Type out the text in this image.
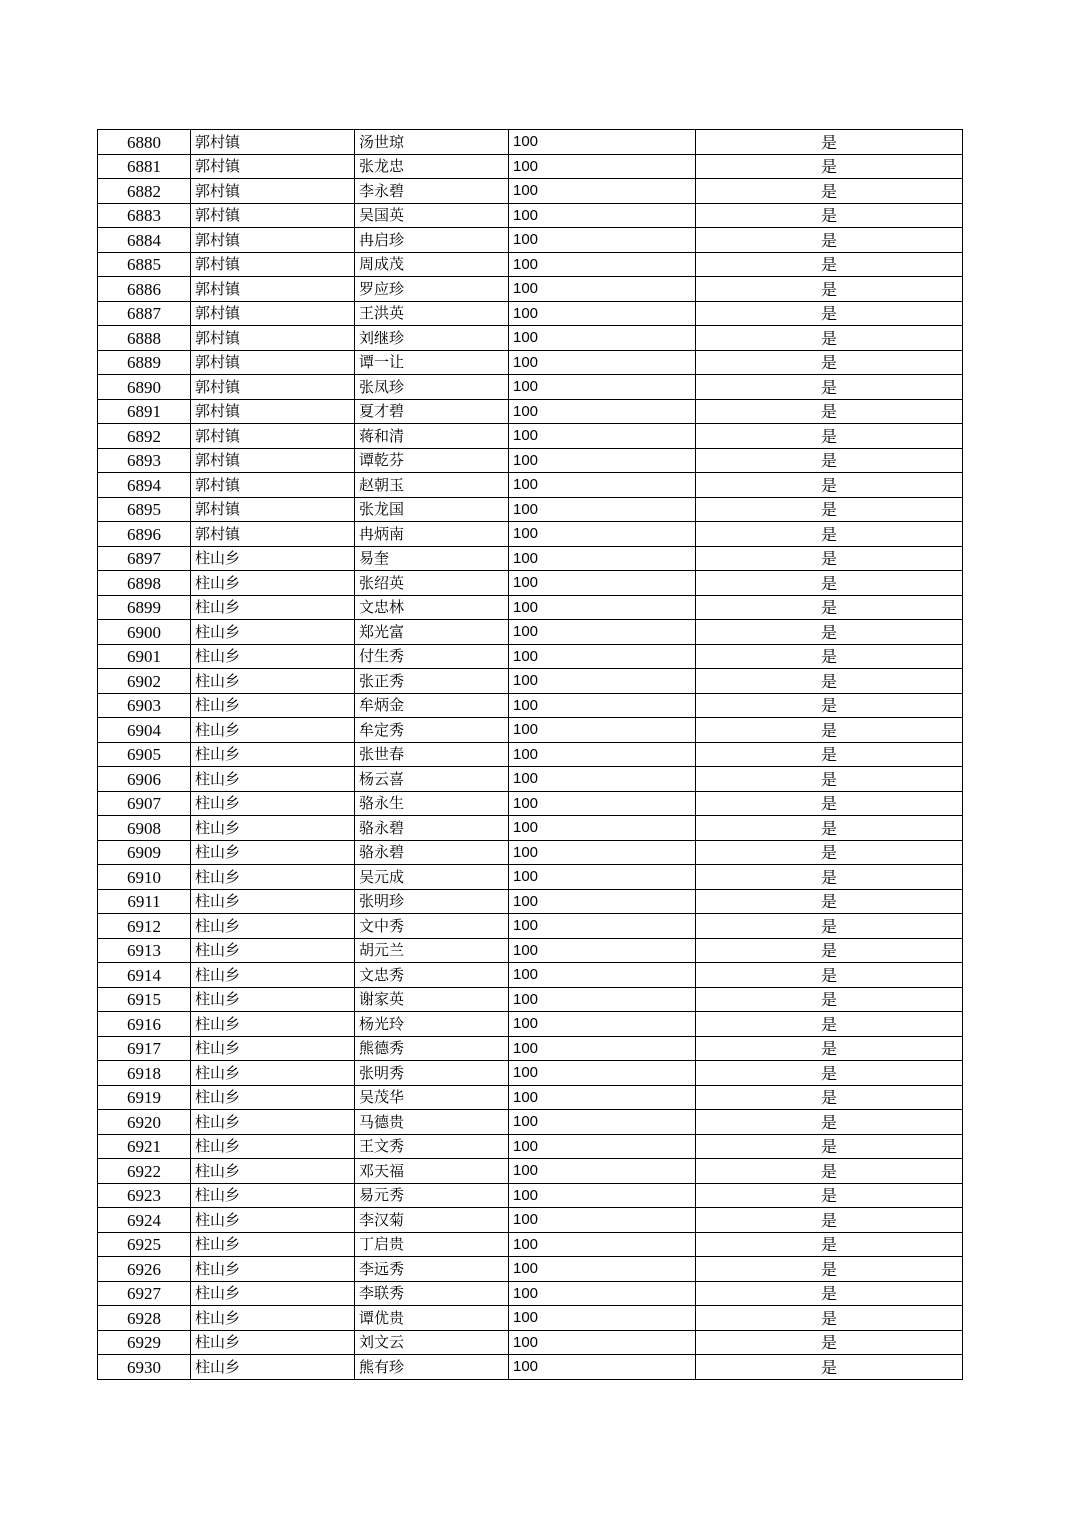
6880	郭村镇	汤世琼	100	是
6881	郭村镇	张龙忠	100	是
6882	郭村镇	李永碧	100	是
6883	郭村镇	吴国英	100	是
6884	郭村镇	冉启珍	100	是
6885	郭村镇	周成茂	100	是
6886	郭村镇	罗应珍	100	是
6887	郭村镇	王洪英	100	是
6888	郭村镇	刘继珍	100	是
6889	郭村镇	谭一让	100	是
6890	郭村镇	张凤珍	100	是
6891	郭村镇	夏才碧	100	是
6892	郭村镇	蒋和清	100	是
6893	郭村镇	谭乾芬	100	是
6894	郭村镇	赵朝玉	100	是
6895	郭村镇	张龙国	100	是
6896	郭村镇	冉炳南	100	是
6897	柱山乡	易奎	100	是
6898	柱山乡	张绍英	100	是
6899	柱山乡	文忠林	100	是
6900	柱山乡	郑光富	100	是
6901	柱山乡	付生秀	100	是
6902	柱山乡	张正秀	100	是
6903	柱山乡	牟炳金	100	是
6904	柱山乡	牟定秀	100	是
6905	柱山乡	张世春	100	是
6906	柱山乡	杨云喜	100	是
6907	柱山乡	骆永生	100	是
6908	柱山乡	骆永碧	100	是
6909	柱山乡	骆永碧	100	是
6910	柱山乡	吴元成	100	是
6911	柱山乡	张明珍	100	是
6912	柱山乡	文中秀	100	是
6913	柱山乡	胡元兰	100	是
6914	柱山乡	文忠秀	100	是
6915	柱山乡	谢家英	100	是
6916	柱山乡	杨光玲	100	是
6917	柱山乡	熊德秀	100	是
6918	柱山乡	张明秀	100	是
6919	柱山乡	吴茂华	100	是
6920	柱山乡	马德贵	100	是
6921	柱山乡	王文秀	100	是
6922	柱山乡	邓天福	100	是
6923	柱山乡	易元秀	100	是
6924	柱山乡	李汉菊	100	是
6925	柱山乡	丁启贵	100	是
6926	柱山乡	李远秀	100	是
6927	柱山乡	李联秀	100	是
6928	柱山乡	谭优贵	100	是
6929	柱山乡	刘文云	100	是
6930	柱山乡	熊有珍	100	是
